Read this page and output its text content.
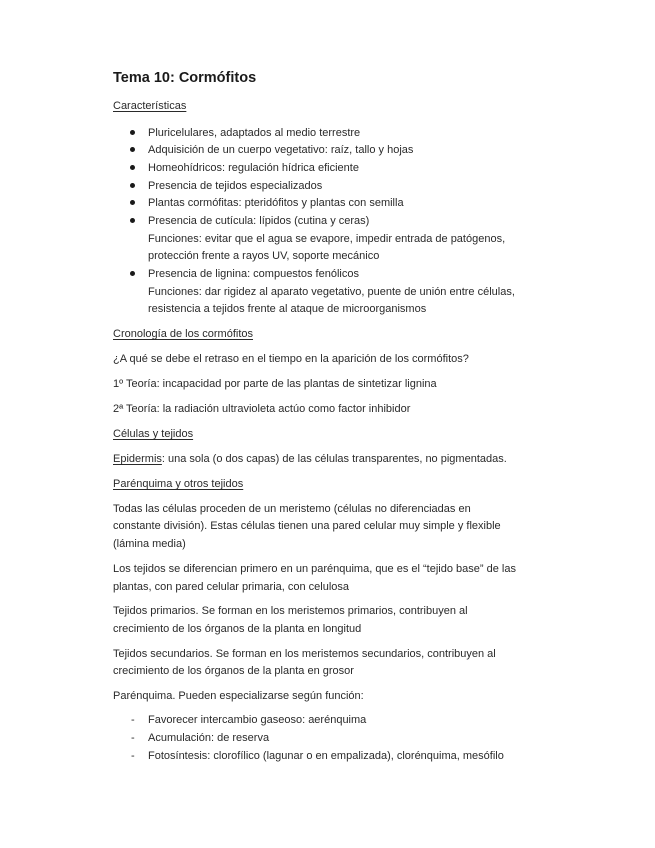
Tema 10: Cormófitos
Características
Pluricelulares, adaptados al medio terrestre
Adquisición de un cuerpo vegetativo: raíz, tallo y hojas
Homeohídricos: regulación hídrica eficiente
Presencia de tejidos especializados
Plantas cormófitas: pteridófitos y plantas con semilla
Presencia de cutícula: lípidos (cutina y ceras)
Funciones: evitar que el agua se evapore, impedir entrada de patógenos,
protección frente a rayos UV, soporte mecánico
Presencia de lignina: compuestos fenólicos
Funciones: dar rigidez al aparato vegetativo, puente de unión entre células,
resistencia a tejidos frente al ataque de microorganismos
Cronología de los cormófitos
¿A qué se debe el retraso en el tiempo en la aparición de los cormófitos?
1º Teoría: incapacidad por parte de las plantas de sintetizar lignina
2ª Teoría: la radiación ultravioleta actúo como factor inhibidor
Células y tejidos
Epidermis: una sola (o dos capas) de las células transparentes, no pigmentadas.
Parénquima y otros tejidos
Todas las células proceden de un meristemo (células no diferenciadas en
constante división). Estas células tienen una pared celular muy simple y flexible
(lámina media)
Los tejidos se diferencian primero en un parénquima, que es el “tejido base” de las
plantas, con pared celular primaria, con celulosa
Tejidos primarios. Se forman en los meristemos primarios, contribuyen al
crecimiento de los órganos de la planta en longitud
Tejidos secundarios. Se forman en los meristemos secundarios, contribuyen al
crecimiento de los órganos de la planta en grosor
Parénquima. Pueden especializarse según función:
- Favorecer intercambio gaseoso: aerénquima
- Acumulación: de reserva
- Fotosíntesis: clorofílico (lagunar o en empalizada), clorénquima, mesófilo
